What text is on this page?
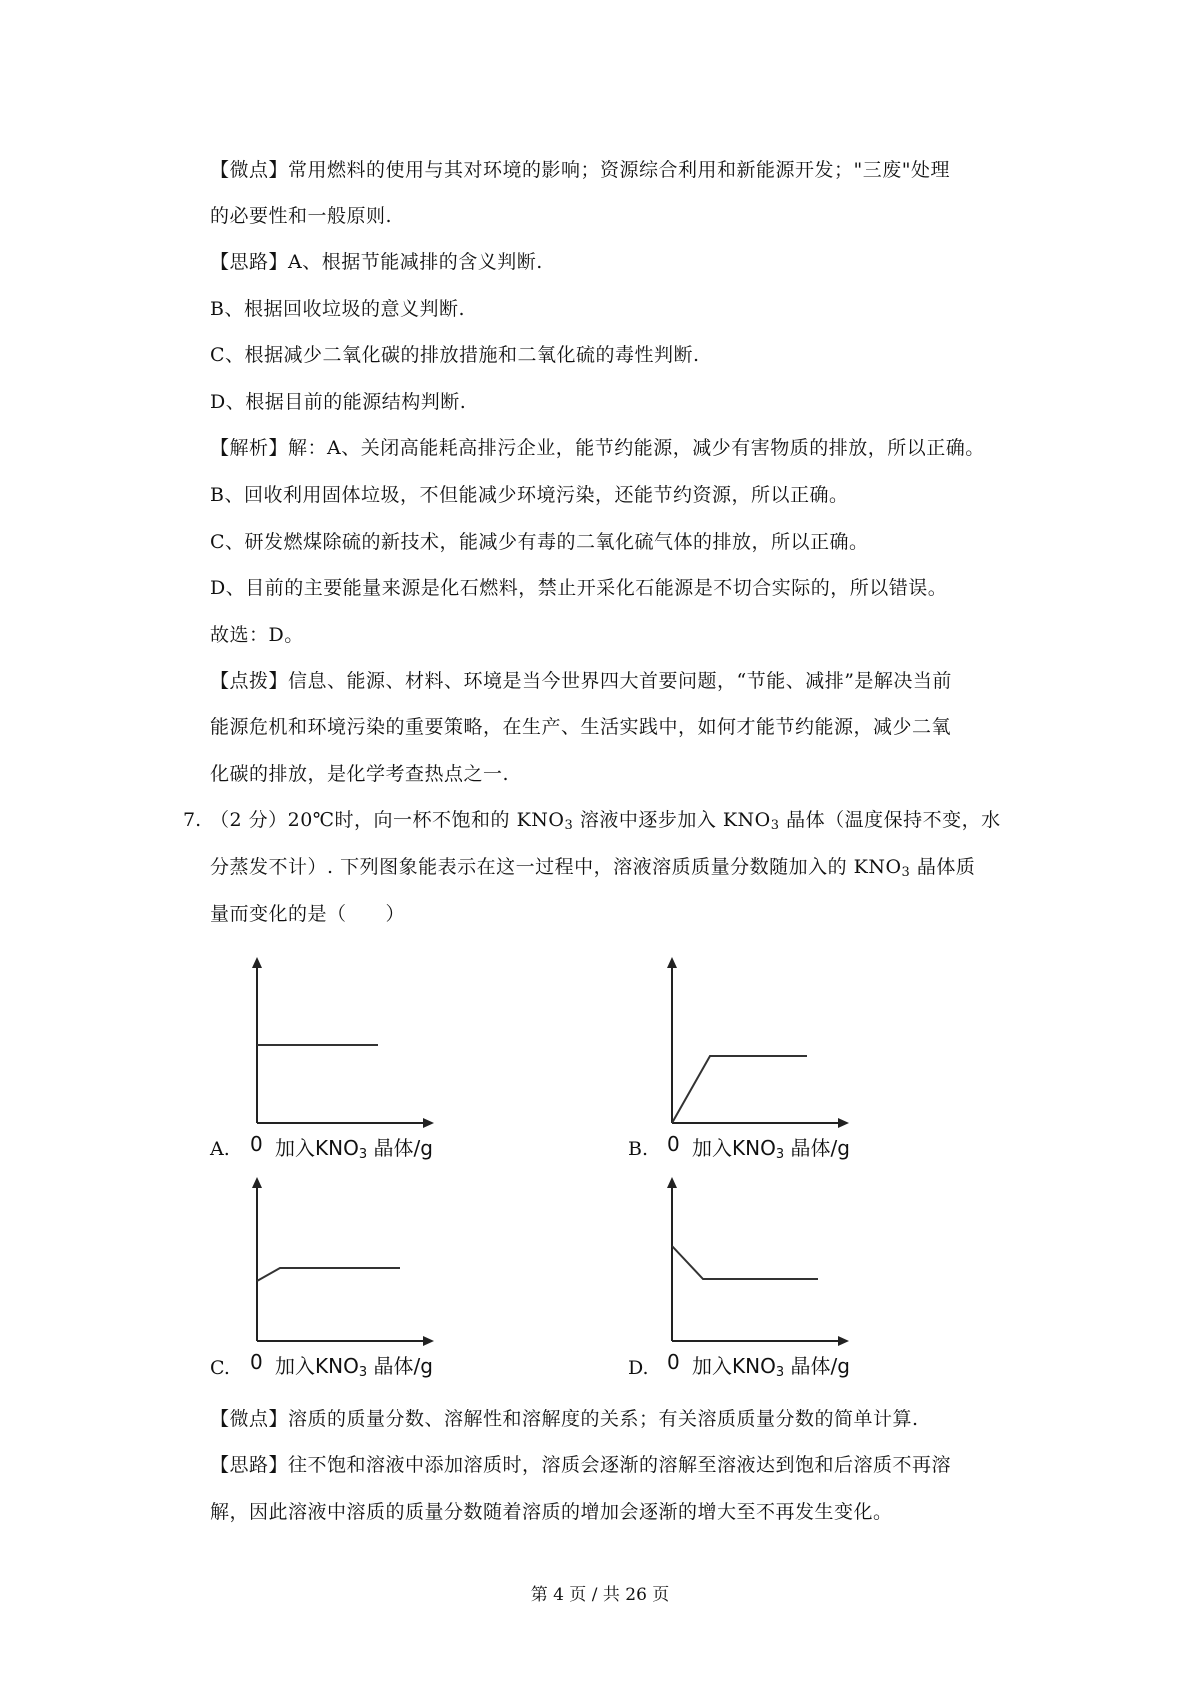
【微点】常用燃料的使用与其对环境的影响；资源综合利用和新能源开发；"三废"处理
的必要性和一般原则.
【思路】A、根据节能减排的含义判断.
B、根据回收垃圾的意义判断.
C、根据减少二氧化碳的排放措施和二氧化硫的毒性判断.
D、根据目前的能源结构判断.
【解析】解：A、关闭高能耗高排污企业，能节约能源，减少有害物质的排放，所以正确。
B、回收利用固体垃圾，不但能减少环境污染，还能节约资源，所以正确。
C、研发燃煤除硫的新技术，能减少有毒的二氧化硫气体的排放，所以正确。
D、目前的主要能量来源是化石燃料，禁止开采化石能源是不切合实际的，所以错误。
故选：D。
【点拨】信息、能源、材料、环境是当今世界四大首要问题，“节能、减排”是解决当前
能源危机和环境污染的重要策略，在生产、生活实践中，如何才能节约能源，减少二氧
化碳的排放，是化学考查热点之一.
7. （2 分）20℃时，向一杯不饱和的 $KNO_3$ 溶液中逐步加入 $KNO_3$ 晶体（温度保持不变，水
分蒸发不计）. 下列图象能表示在这一过程中，溶液溶质质量分数随加入的 $KNO_3$ 晶体质
量而变化的是（　　）
A. 0 加入$KNO_3$ 晶体/g	B. 0 加入$KNO_3$ 晶体/g
C. 0 加入$KNO_3$ 晶体/g	D. 0 加入$KNO_3$ 晶体/g
【微点】溶质的质量分数、溶解性和溶解度的关系；有关溶质质量分数的简单计算.
【思路】往不饱和溶液中添加溶质时，溶质会逐渐的溶解至溶液达到饱和后溶质不再溶
解，因此溶液中溶质的质量分数随着溶质的增加会逐渐的增大至不再发生变化。
第 4 页 / 共 26 页
